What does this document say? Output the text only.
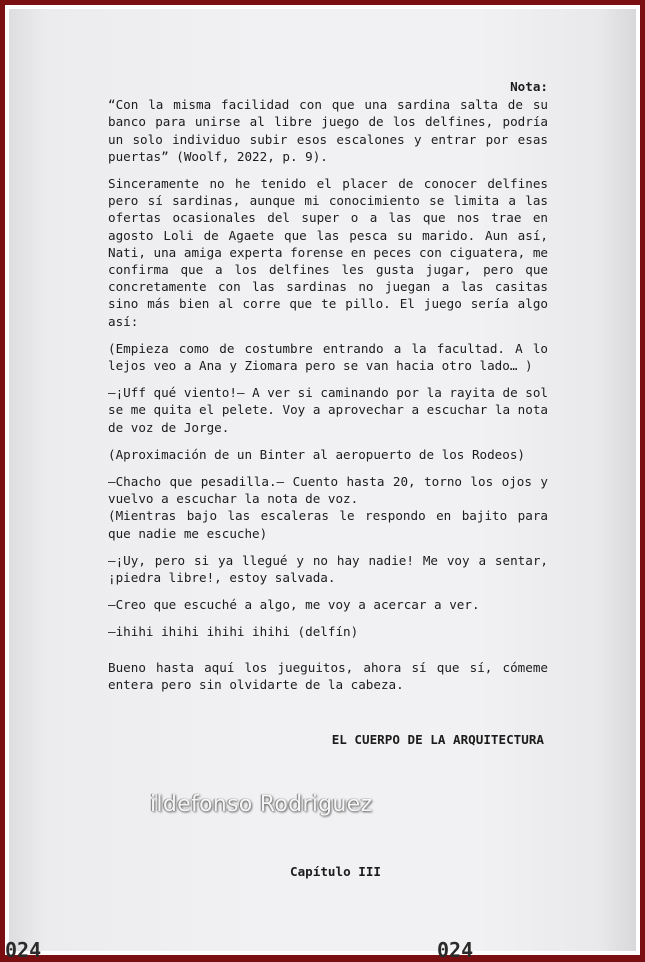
Nota:

“Con la misma facilidad con que una sardina salta de su banco para unirse al libre juego de los delfines, podría un solo individuo subir esos escalones y entrar por esas puertas” (Woolf, 2022, p. 9).

Sinceramente no he tenido el placer de conocer delfines pero sí sardinas, aunque mi conocimiento se limita a las ofertas ocasionales del super o a las que nos trae en agosto Loli de Agaete que las pesca su marido. Aun así, Nati, una amiga experta forense en peces con ciguatera, me confirma que a los delfines les gusta jugar, pero que concretamente con las sardinas no juegan a las casitas sino más bien al corre que te pillo. El juego sería algo así:

(Empieza como de costumbre entrando a la facultad. A lo lejos veo a Ana y Ziomara pero se van hacia otro lado… )

–¡Uff qué viento!– A ver si caminando por la rayita de sol se me quita el pelete. Voy a aprovechar a escuchar la nota de voz de Jorge.

(Aproximación de un Binter al aeropuerto de los Rodeos)

–Chacho que pesadilla.– Cuento hasta 20, torno los ojos y vuelvo a escuchar la nota de voz.

(Mientras bajo las escaleras le respondo en bajito para que nadie me escuche)

–¡Uy, pero si ya llegué y no hay nadie! Me voy a sentar, ¡piedra libre!, estoy salvada.

–Creo que escuché a algo, me voy a acercar a ver.

–ihihi ihihi ihihi ihihi (delfín)

Bueno hasta aquí los jueguitos, ahora sí que sí, cómeme entera pero sin olvidarte de la cabeza.

EL CUERPO DE LA ARQUITECTURA
ildefonso Rodriguez
Capítulo III
024	024
